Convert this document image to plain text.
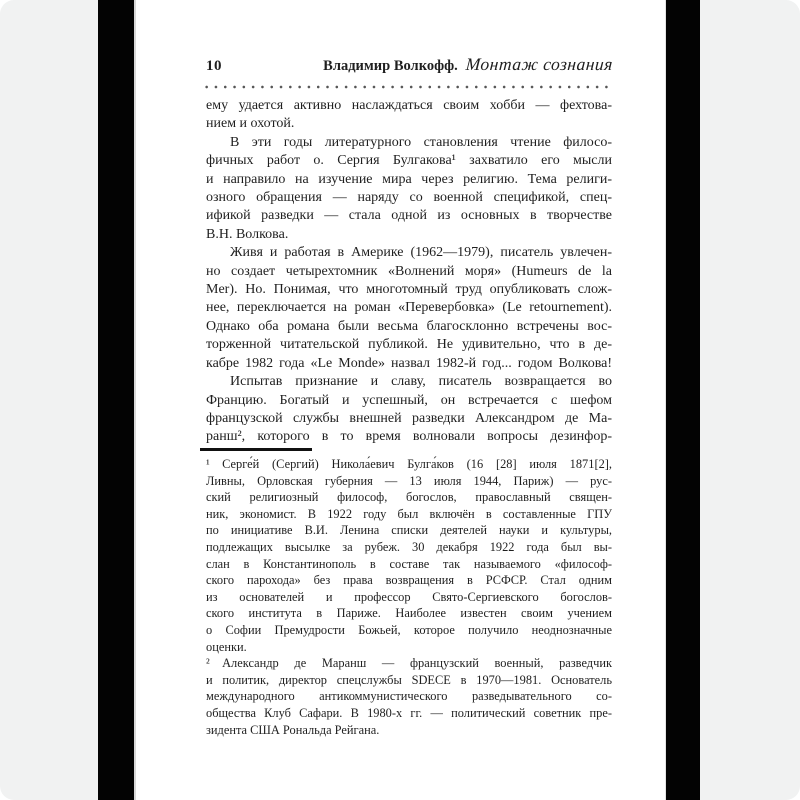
10	Владимир Волкофф. Монтаж сознания
ему удается активно наслаждаться своим хобби — фехтова-
нием и охотой.
В эти годы литературного становления чтение филосо-
фичных работ о. Сергия Булгакова¹ захватило его мысли
и направило на изучение мира через религию. Тема религи-
озного обращения — наряду со военной спецификой, спец-
ификой разведки — стала одной из основных в творчестве
В.Н. Волкова.
Живя и работая в Америке (1962—1979), писатель увлечен-
но создает четырехтомник «Волнений моря» (Humeurs de la
Mer). Но. Понимая, что многотомный труд опубликовать слож-
нее, переключается на роман «Перевербовка» (Le retournement).
Однако оба романа были весьма благосклонно встречены вос-
торженной читательской публикой. Не удивительно, что в де-
кабре 1982 года «Le Monde» назвал 1982-й год... годом Волкова!
Испытав признание и славу, писатель возвращается во
Францию. Богатый и успешный, он встречается с шефом
французской службы внешней разведки Александром де Ма-
ранш², которого в то время волновали вопросы дезинфор-
¹ Серге́й (Сергий) Никола́евич Булга́ков (16 [28] июля 1871[2],
Ливны, Орловская губерния — 13 июля 1944, Париж) — рус-
ский религиозный философ, богослов, православный священ-
ник, экономист. В 1922 году был включён в составленные ГПУ
по инициативе В.И. Ленина списки деятелей науки и культуры,
подлежащих высылке за рубеж. 30 декабря 1922 года был вы-
слан в Константинополь в составе так называемого «философ-
ского парохода» без права возвращения в РСФСР. Стал одним
из основателей и профессор Свято-Сергиевского богослов-
ского института в Париже. Наиболее известен своим учением
о Софии Премудрости Божьей, которое получило неоднозначные
оценки.
² Александр де Маранш — французский военный, разведчик
и политик, директор спецслужбы SDECE в 1970—1981. Основатель
международного антикоммунистического разведывательного со-
общества Клуб Сафари. В 1980-х гг. — политический советник пре-
зидента США Рональда Рейгана.
